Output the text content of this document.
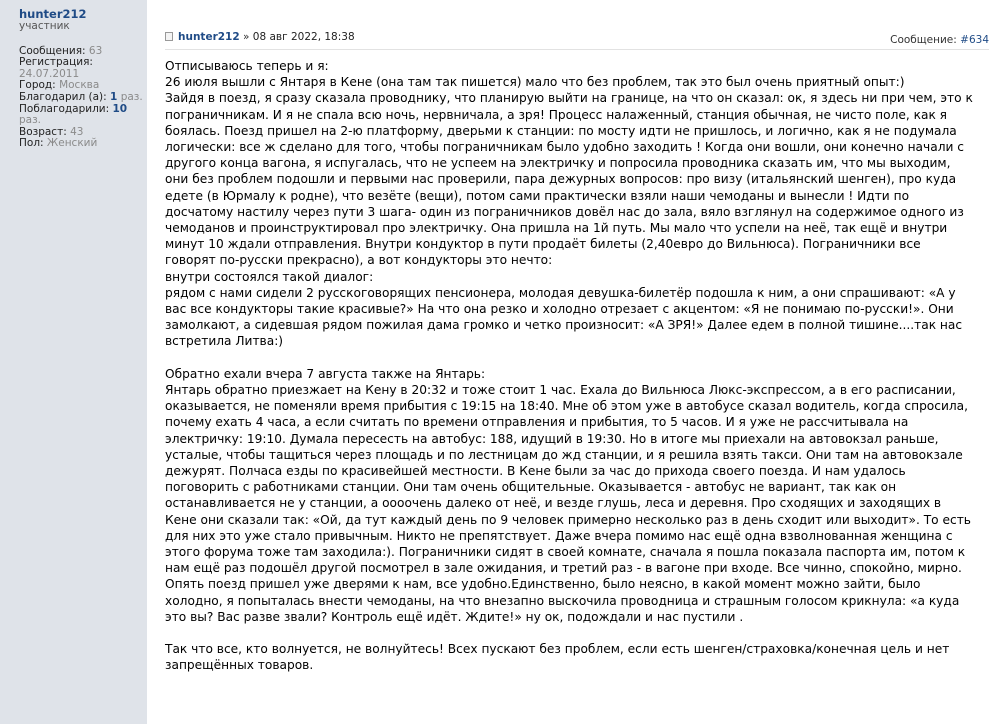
hunter212
участник
Сообщения: 63
Регистрация: 24.07.2011
Город: Москва
Благодарил (а): 1 раз.
Поблагодарили: 10 раз.
Возраст: 43
Пол: Женский
hunter212 » 08 авг 2022, 18:38	Сообщение: #634

Отписываюсь теперь и я:

26 июля вышли с Янтаря в Кене (она там так пишется) мало что без проблем, так это был очень приятный опыт:)

Зайдя в поезд, я сразу сказала проводнику, что планирую выйти на границе, на что он сказал: ок, я здесь ни при чем, это к пограничникам. И я не спала всю ночь, нервничала, а зря! Процесс налаженный, станция обычная, не чисто поле, как я боялась. Поезд пришел на 2-ю платформу, дверьми к станции: по мосту идти не пришлось, и логично, как я не подумала логически: все ж сделано для того, чтобы пограничникам было удобно заходить ! Когда они вошли, они конечно начали с другого конца вагона, я испугалась, что не успеем на электричку и попросила проводника сказать им, что мы выходим, они без проблем подошли и первыми нас проверили, пара дежурных вопросов: про визу (итальянский шенген), про куда едете (в Юрмалу к родне), что везёте (вещи), потом сами практически взяли наши чемоданы и вынесли ! Идти по досчатому настилу через пути 3 шага- один из пограничников довёл нас до зала, вяло взглянул на содержимое одного из чемоданов и проинструктировал про электричку. Она пришла на 1й путь. Мы мало что успели на неё, так ещё и внутри минут 10 ждали отправления. Внутри кондуктор в пути продаёт билеты (2,40евро до Вильнюса). Пограничники все говорят по-русски прекрасно), а вот кондукторы это нечто:

внутри состоялся такой диалог:

рядом с нами сидели 2 русскоговорящих пенсионера, молодая девушка-билетёр подошла к ним, а они спрашивают: «А у вас все кондукторы такие красивые?» На что она резко и холодно отрезает с акцентом: «Я не понимаю по-русски!». Они замолкают, а сидевшая рядом пожилая дама громко и четко произносит: «А ЗРЯ!» Далее едем в полной тишине....так нас встретила Литва:)

Обратно ехали вчера 7 августа также на Янтарь:

Янтарь обратно приезжает на Кену в 20:32 и тоже стоит 1 час. Ехала до Вильнюса Люкс-экспрессом, а в его расписании, оказывается, не поменяли время прибытия с 19:15 на 18:40. Мне об этом уже в автобусе сказал водитель, когда спросила, почему ехать 4 часа, а если считать по времени отправления и прибытия, то 5 часов. И я уже не рассчитывала на электричку: 19:10. Думала пересесть на автобус: 188, идущий в 19:30. Но в итоге мы приехали на автовокзал раньше, усталые, чтобы тащиться через площадь и по лестницам до жд станции, и я решила взять такси. Они там на автовокзале дежурят. Полчаса езды по красивейшей местности. В Кене были за час до прихода своего поезда. И нам удалось поговорить с работниками станции. Они там очень общительные. Оказывается - автобус не вариант, так как он останавливается не у станции, а оооочень далеко от неё, и везде глушь, леса и деревня. Про сходящих и заходящих в Кене они сказали так: «Ой, да тут каждый день по 9 человек примерно несколько раз в день сходит или выходит». То есть для них это уже стало привычным. Никто не препятствует. Даже вчера помимо нас ещё одна взволнованная женщина с этого форума тоже там заходила:). Пограничники сидят в своей комнате, сначала я пошла показала паспорта им, потом к нам ещё раз подошёл другой посмотрел в зале ожидания, и третий раз - в вагоне при входе. Все чинно, спокойно, мирно. Опять поезд пришел уже дверями к нам, все удобно.Единственно, было неясно, в какой момент можно зайти, было холодно, я попыталась внести чемоданы, на что внезапно выскочила проводница и страшным голосом крикнула: «а куда это вы? Вас разве звали? Контроль ещё идёт. Ждите!» ну ок, подождали и нас пустили .

Так что все, кто волнуется, не волнуйтесь! Всех пускают без проблем, если есть шенген/страховка/конечная цель и нет запрещённых товаров.
